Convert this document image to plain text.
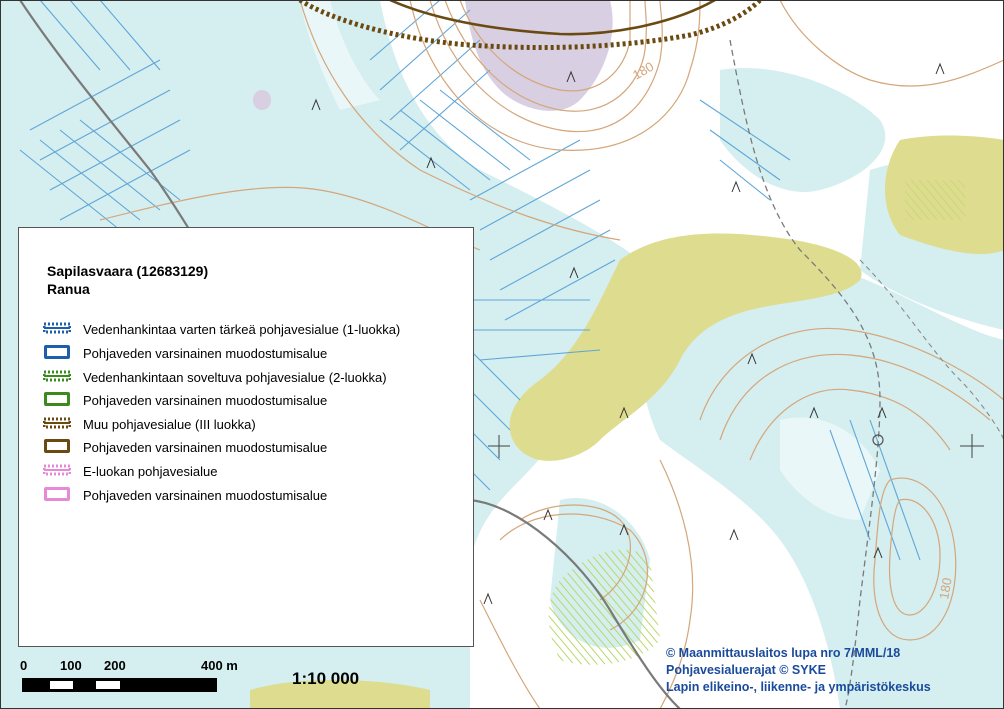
180
180
Sapilasvaara (12683129)
Ranua
Vedenhankintaa varten tärkeä pohjavesialue (1-luokka)
Pohjaveden varsinainen muodostumisalue
Vedenhankintaan soveltuva pohjavesialue (2-luokka)
Pohjaveden varsinainen muodostumisalue
Muu pohjavesialue (III luokka)
Pohjaveden varsinainen muodostumisalue
E-luokan pohjavesialue
Pohjaveden varsinainen muodostumisalue
0	100 200	400 m
1:10 000
© Maanmittauslaitos lupa nro 7/MML/18
Pohjavesialuerajat © SYKE
Lapin elikeino-, liikenne- ja ympäristökeskus
